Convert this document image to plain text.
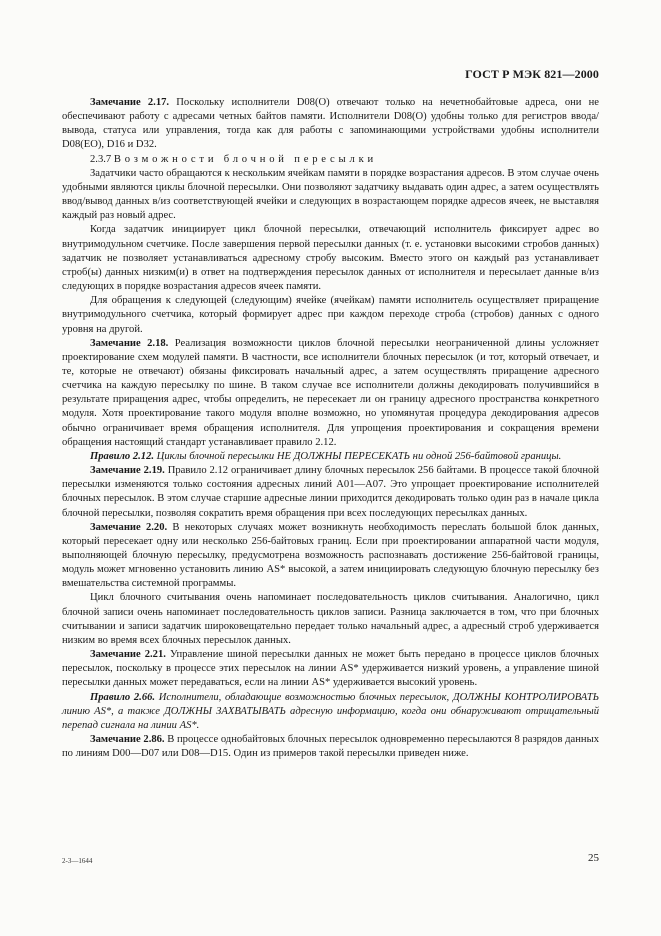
ГОСТ Р МЭК 821—2000

Замечание 2.17. Поскольку исполнители D08(O) отвечают только на нечетнобайтовые адреса, они не обеспечивают работу с адресами четных байтов памяти. Исполнители D08(O) удобны только для регистров ввода/вывода, статуса или управления, тогда как для работы с запоминающими устройствами удобны исполнители D08(EO), D16 и D32.

2.3.7 Возможности блочной пересылки

Задатчики часто обращаются к нескольким ячейкам памяти в порядке возрастания адресов. В этом случае очень удобными являются циклы блочной пересылки. Они позволяют задатчику выдавать один адрес, а затем осуществлять ввод/вывод данных в/из соответствующей ячейки и следующих в возрастающем порядке адресов ячеек, не выставляя каждый раз новый адрес.

Когда задатчик инициирует цикл блочной пересылки, отвечающий исполнитель фиксирует адрес во внутримодульном счетчике. После завершения первой пересылки данных (т. е. установки высокими стробов данных) задатчик не позволяет устанавливаться адресному стробу высоким. Вместо этого он каждый раз устанавливает строб(ы) данных низким(и) в ответ на подтверждения пересылок данных от исполнителя и пересылает данные в/из следующих в порядке возрастания адресов ячеек памяти.

Для обращения к следующей (следующим) ячейке (ячейкам) памяти исполнитель осуществляет приращение внутримодульного счетчика, который формирует адрес при каждом переходе строба (стробов) данных с одного уровня на другой.

Замечание 2.18. Реализация возможности циклов блочной пересылки неограниченной длины усложняет проектирование схем модулей памяти. В частности, все исполнители блочных пересылок (и тот, который отвечает, и те, которые не отвечают) обязаны фиксировать начальный адрес, а затем осуществлять приращение адресного счетчика на каждую пересылку по шине. В таком случае все исполнители должны декодировать получившийся в результате приращения адрес, чтобы определить, не пересекает ли он границу адресного пространства конкретного модуля. Хотя проектирование такого модуля вполне возможно, но упомянутая процедура декодирования адресов обычно ограничивает время обращения исполнителя. Для упрощения проектирования и сокращения времени обращения настоящий стандарт устанавливает правило 2.12.

Правило 2.12. Циклы блочной пересылки НЕ ДОЛЖНЫ ПЕРЕСЕКАТЬ ни одной 256-байтовой границы.

Замечание 2.19. Правило 2.12 ограничивает длину блочных пересылок 256 байтами. В процессе такой блочной пересылки изменяются только состояния адресных линий A01—A07. Это упрощает проектирование исполнителей блочных пересылок. В этом случае старшие адресные линии приходится декодировать только один раз в начале цикла блочной пересылки, позволяя сократить время обращения при всех последующих пересылках данных.

Замечание 2.20. В некоторых случаях может возникнуть необходимость переслать большой блок данных, который пересекает одну или несколько 256-байтовых границ. Если при проектировании аппаратной части модуля, выполняющей блочную пересылку, предусмотрена возможность распознавать достижение 256-байтовой границы, модуль может мгновенно установить линию AS* высокой, а затем инициировать следующую блочную пересылку без вмешательства системной программы.

Цикл блочного считывания очень напоминает последовательность циклов считывания. Аналогично, цикл блочной записи очень напоминает последовательность циклов записи. Разница заключается в том, что при блочных считывании и записи задатчик широковещательно передает только начальный адрес, а адресный строб удерживается низким во время всех блочных пересылок данных.

Замечание 2.21. Управление шиной пересылки данных не может быть передано в процессе циклов блочных пересылок, поскольку в процессе этих пересылок на линии AS* удерживается низкий уровень, а управление шиной пересылки данных может передаваться, если на линии AS* удерживается высокий уровень.

Правило 2.66. Исполнители, обладающие возможностью блочных пересылок, ДОЛЖНЫ КОНТРОЛИРОВАТЬ линию AS*, а также ДОЛЖНЫ ЗАХВАТЫВАТЬ адресную информацию, когда они обнаруживают отрицательный перепад сигнала на линии AS*.

Замечание 2.86. В процессе однобайтовых блочных пересылок одновременно пересылаются 8 разрядов данных по линиям D00—D07 или D08—D15. Один из примеров такой пересылки приведен ниже.

2-3—1644	25
